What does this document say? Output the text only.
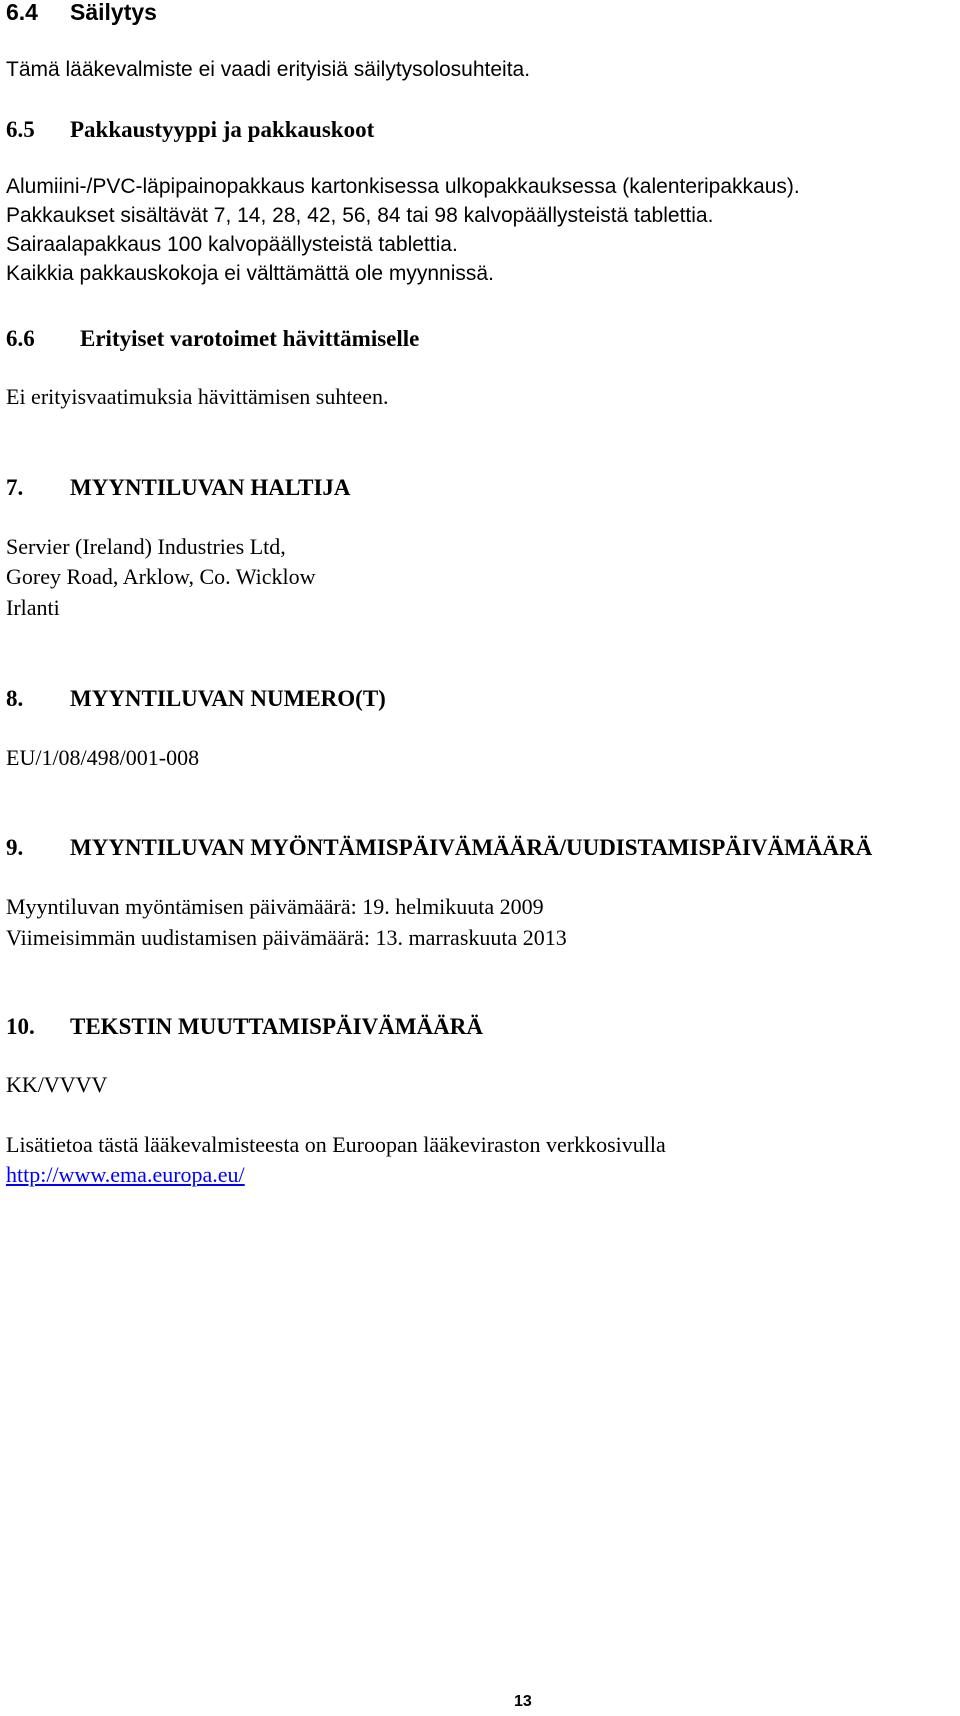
6.4 Säilytys
Tämä lääkevalmiste ei vaadi erityisiä säilytysolosuhteita.
6.5 Pakkaustyyppi ja pakkauskoot
Alumiini-/PVC-läpipainopakkaus kartonkisessa ulkopakkauksessa (kalenteripakkaus).
Pakkaukset sisältävät 7, 14, 28, 42, 56, 84 tai 98 kalvopäällysteistä tablettia.
Sairaalapakkaus 100 kalvopäällysteistä tablettia.
Kaikkia pakkauskokoja ei välttämättä ole myynnissä.
6.6 Erityiset varotoimet hävittämiselle
Ei erityisvaatimuksia hävittämisen suhteen.
7. MYYNTILUVAN HALTIJA
Servier (Ireland) Industries Ltd,
Gorey Road, Arklow, Co. Wicklow
Irlanti
8. MYYNTILUVAN NUMERO(T)
EU/1/08/498/001-008
9. MYYNTILUVAN MYÖNTÄMISPÄIVÄMÄÄRÄ/UUDISTAMISPÄIVÄMÄÄRÄ
Myyntiluvan myöntämisen päivämäärä: 19. helmikuuta 2009
Viimeisimmän uudistamisen päivämäärä: 13. marraskuuta 2013
10. TEKSTIN MUUTTAMISPÄIVÄMÄÄRÄ
KK/VVVV
Lisätietoa tästä lääkevalmisteesta on Euroopan lääkeviraston verkkosivulla
http://www.ema.europa.eu/
13
